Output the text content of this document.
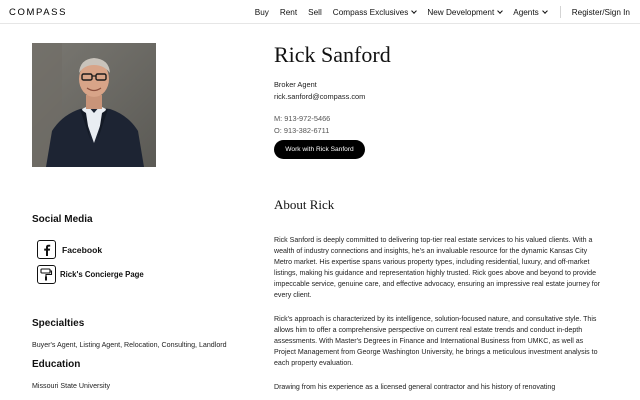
COMPASS	Buy Rent Sell Compass Exclusives New Development Agents	Register/Sign In
Rick Sanford
Broker Agent
rick.sanford@compass.com
M: 913-972-5466
O: 913-382-6711
Work with Rick Sanford
Social Media
Facebook
Rick's Concierge Page
Specialties
Buyer's Agent, Listing Agent, Relocation, Consulting, Landlord
Education
Missouri State University
About Rick

Rick Sanford is deeply committed to delivering top-tier real estate services to his valued clients. With a wealth of industry connections and insights, he's an invaluable resource for the dynamic Kansas City Metro market. His expertise spans various property types, including residential, luxury, and off-market listings, making his guidance and representation highly trusted. Rick goes above and beyond to provide impeccable service, genuine care, and effective advocacy, ensuring an impressive real estate journey for every client.

Rick's approach is characterized by its intelligence, solution-focused nature, and consultative style. This allows him to offer a comprehensive perspective on current real estate trends and conduct in-depth assessments. With Master's Degrees in Finance and International Business from UMKC, as well as Project Management from George Washington University, he brings a meticulous investment analysis to each property evaluation.

Drawing from his experience as a licensed general contractor and his history of renovating
